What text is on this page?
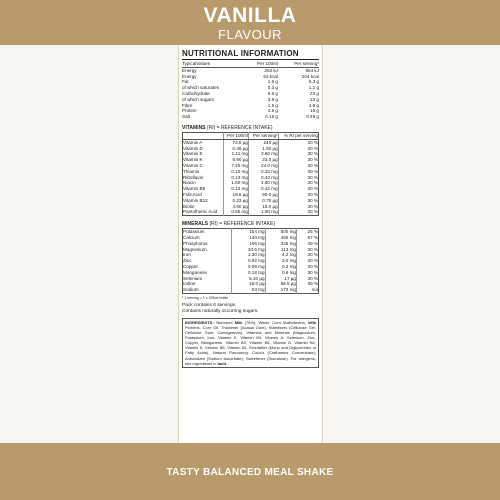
VANILLA
FLAVOUR
NUTRITIONAL INFORMATION
TypicalValues	Per 100ml	Per serving¹
Energy	263 kJ	854 kJ
Energy	63 kcal	204 kcal
Fat	1.6 g	5.3 g
of which saturates	0.3 g	1.1 g
Carbohydrate	6.6 g	22 g
of which sugars	3.9 g	13 g
Fibre	1.5 g	4.9 g
Protein	4.6 g	15 g
Salt	0.15 g	0.48 g
VITAMINS (RI) = REFERENCE INTAKE)
	Per 100ml	Per serving¹	% RI per serving
Vitamin A	73.8 µg	240 µg	30 %
Vitamin D	0.46 µg	1.50 µg	30 %
Vitamin E	1.11 mg	3.60 mg	30 %
Vitamin K	6.90 µg	23.0 µg	30 %
Vitamin C	7.40 mg	24.0 mg	30 %
Thiamin	0.10 mg	0.33 mg	30 %
Riboflavin	0.13 mg	0.42 mg	30 %
Niacin	1.50 mg	4.80 mg	30 %
Vitamin B6	0.13 mg	0.42 mg	30 %
FolicAcid	18.5 µg	60.0 µg	30 %
Vitamin B12	0.23 µg	0.75 µg	30 %
Biotin	4.60 µg	15.0 µg	30 %
Pantothenic Acid	0.55 mg	1.80 mg	30 %
MINERALS (RI) = REFERENCE INTAKE)
Potassium	154 mg	500 mg	25 %
Calcium	140 mg	455 mg	57 %
Phosphorus	106 mg	345 mg	49 %
Magnesium	34.6 mg	113 mg	30 %
Iron	1.30 mg	4.2 mg	30 %
Zinc	0.92 mg	3.0 mg	30 %
Copper	0.09 mg	0.3 mg	30 %
Manganese	0.18 mg	0.6 mg	30 %
Selenium	5.10 µg	17 µg	30 %
Iodine	18.0 µg	58.5 µg	39 %
Sodium	53 mg	173 mg	n/a
¹ 1 serving = 1 x 325ml bottle
Pack contains 6 servings.
Contains naturally occurring sugars.
INGREDIENTS: Skimmed Milk (78%), Water, Corn Maltodextrin, Milk Proteins, Corn Oil, Thickener (Acacia Gum), Stabilisers (Cellulose Gel, Cellulose Gum, Carrageenan), Vitamins and Minerals (Magnesium, Potassium, Iron, Vitamin E, Vitamin B3, Vitamin A, Selenium, Zinc, Copper, Manganese, Vitamin B5, Vitamin B6, Vitamin D, Vitamin B2, Vitamin K, Vitamin B8, Vitamin B1, Emulsifier (Mono and Diglycerides of Fatty Acids), Natural Flavouring, Colour (Carthamus Concentrate), Antioxidant (Sodium Ascorbate), Sweetener (Sucralose). For allergens, see ingredients in bold.
TASTY BALANCED MEAL SHAKE
